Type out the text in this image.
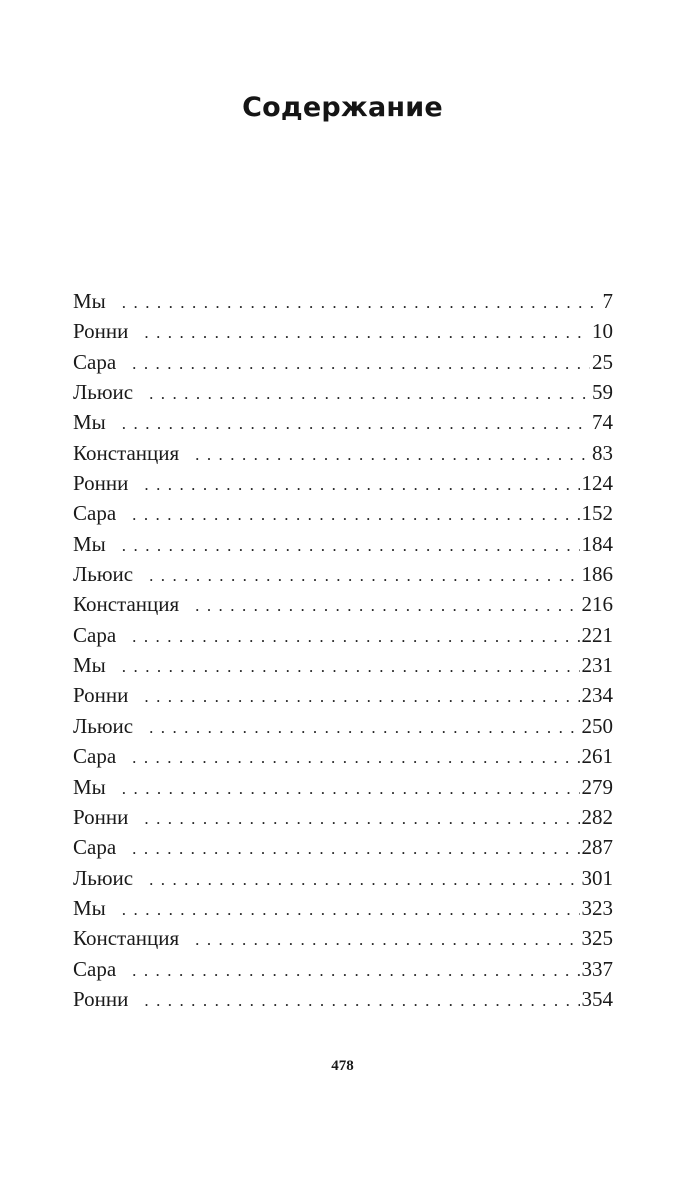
Содержание
Мы . . .	7
Ронни . . .	10
Сара . . .	25
Льюис . . .	59
Мы . . .	74
Констанция . . .	83
Ронни . . .	124
Сара . . .	152
Мы . . .	184
Льюис . . .	186
Констанция . . .	216
Сара . . .	221
Мы . . .	231
Ронни . . .	234
Льюис . . .	250
Сара . . .	261
Мы . . .	279
Ронни . . .	282
Сара . . .	287
Льюис . . .	301
Мы . . .	323
Констанция . . .	325
Сара . . .	337
Ронни . . .	354
478
